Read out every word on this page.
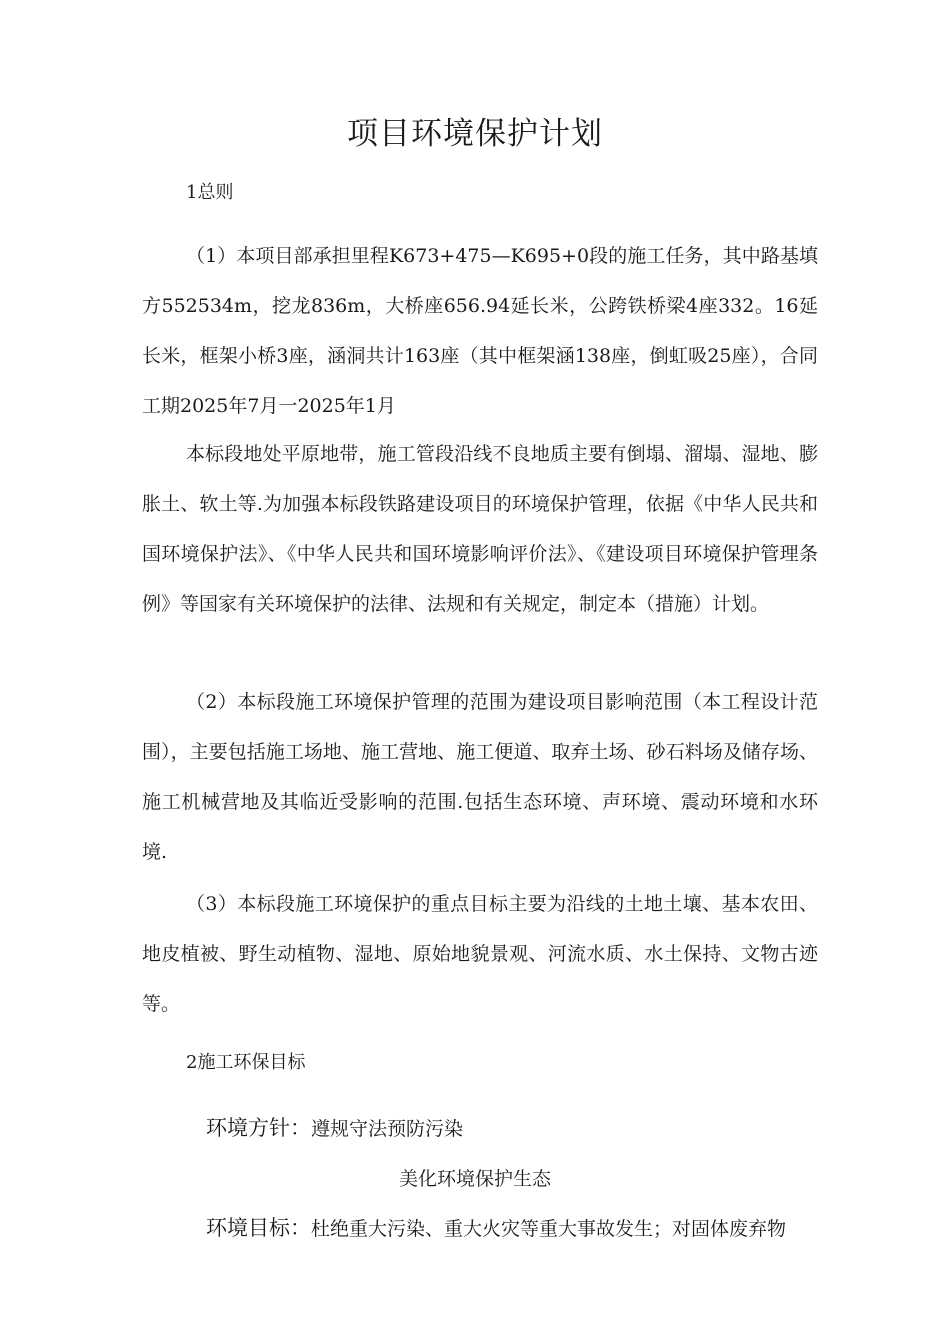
项目环境保护计划

1总则

（1）本项目部承担里程K673+475—K695+0段的施工任务，其中路基填方552534m，挖龙836m，大桥座656.94延长米，公跨铁桥梁4座332。16延长米，框架小桥3座，涵洞共计163座（其中框架涵138座，倒虹吸25座），合同工期2025年7月一2025年1月

本标段地处平原地带，施工管段沿线不良地质主要有倒塌、溜塌、湿地、膨胀土、软土等.为加强本标段铁路建设项目的环境保护管理，依据《中华人民共和国环境保护法》、《中华人民共和国环境影响评价法》、《建设项目环境保护管理条例》等国家有关环境保护的法律、法规和有关规定，制定本（措施）计划。

（2）本标段施工环境保护管理的范围为建设项目影响范围（本工程设计范围），主要包括施工场地、施工营地、施工便道、取弃土场、砂石料场及储存场、施工机械营地及其临近受影响的范围.包括生态环境、声环境、震动环境和水环境.

（3）本标段施工环境保护的重点目标主要为沿线的土地土壤、基本农田、地皮植被、野生动植物、湿地、原始地貌景观、河流水质、水土保持、文物古迹等。

2施工环保目标

环境方针：遵规守法预防污染

美化环境保护生态

环境目标：杜绝重大污染、重大火灾等重大事故发生；对固体废弃物
